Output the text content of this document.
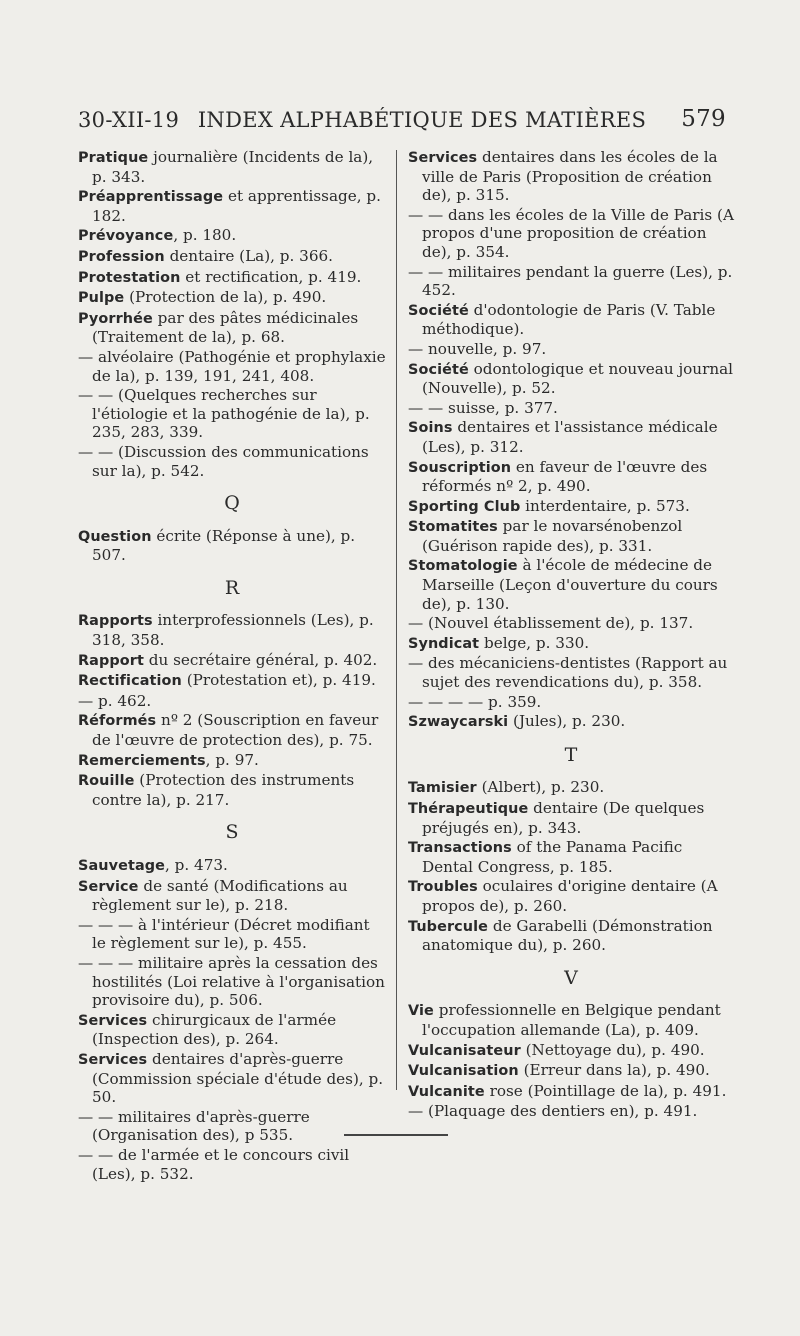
30-XII-19 INDEX ALPHABÉTIQUE DES MATIÈRES	579
Pratique journalière (Incidents de la), p. 343.
Préapprentissage et apprentissage, p. 182.
Prévoyance, p. 180.
Profession dentaire (La), p. 366.
Protestation et rectification, p. 419.
Pulpe (Protection de la), p. 490.
Pyorrhée par des pâtes médicinales (Traitement de la), p. 68.
— alvéolaire (Pathogénie et prophylaxie de la), p. 139, 191, 241, 408.
— — (Quelques recherches sur l'étiologie et la pathogénie de la), p. 235, 283, 339.
— — (Discussion des communications sur la), p. 542.
Q
Question écrite (Réponse à une), p. 507.
R
Rapports interprofessionnels (Les), p. 318, 358.
Rapport du secrétaire général, p. 402.
Rectification (Protestation et), p. 419.
— p. 462.
Réformés nº 2 (Souscription en faveur de l'œuvre de protection des), p. 75.
Remerciements, p. 97.
Rouille (Protection des instruments contre la), p. 217.
S
Sauvetage, p. 473.
Service de santé (Modifications au règlement sur le), p. 218.
— — — à l'intérieur (Décret modifiant le règlement sur le), p. 455.
— — — militaire après la cessation des hostilités (Loi relative à l'organisation provisoire du), p. 506.
Services chirurgicaux de l'armée (Inspection des), p. 264.
Services dentaires d'après-guerre (Commission spéciale d'étude des), p. 50.
— — militaires d'après-guerre (Organisation des), p 535.
— — de l'armée et le concours civil (Les), p. 532.
Services dentaires dans les écoles de la ville de Paris (Proposition de création de), p. 315.
— — dans les écoles de la Ville de Paris (A propos d'une proposition de création de), p. 354.
— — militaires pendant la guerre (Les), p. 452.
Société d'odontologie de Paris (V. Table méthodique).
— nouvelle, p. 97.
Société odontologique et nouveau journal (Nouvelle), p. 52.
— — suisse, p. 377.
Soins dentaires et l'assistance médicale (Les), p. 312.
Souscription en faveur de l'œuvre des réformés nº 2, p. 490.
Sporting Club interdentaire, p. 573.
Stomatites par le novarsénobenzol (Guérison rapide des), p. 331.
Stomatologie à l'école de médecine de Marseille (Leçon d'ouverture du cours de), p. 130.
— (Nouvel établissement de), p. 137.
Syndicat belge, p. 330.
— des mécaniciens-dentistes (Rapport au sujet des revendications du), p. 358.
— — — — p. 359.
Szwaycarski (Jules), p. 230.
T
Tamisier (Albert), p. 230.
Thérapeutique dentaire (De quelques préjugés en), p. 343.
Transactions of the Panama Pacific Dental Congress, p. 185.
Troubles oculaires d'origine dentaire (A propos de), p. 260.
Tubercule de Garabelli (Démonstration anatomique du), p. 260.
V
Vie professionnelle en Belgique pendant l'occupation allemande (La), p. 409.
Vulcanisateur (Nettoyage du), p. 490.
Vulcanisation (Erreur dans la), p. 490.
Vulcanite rose (Pointillage de la), p. 491.
— (Plaquage des dentiers en), p. 491.
